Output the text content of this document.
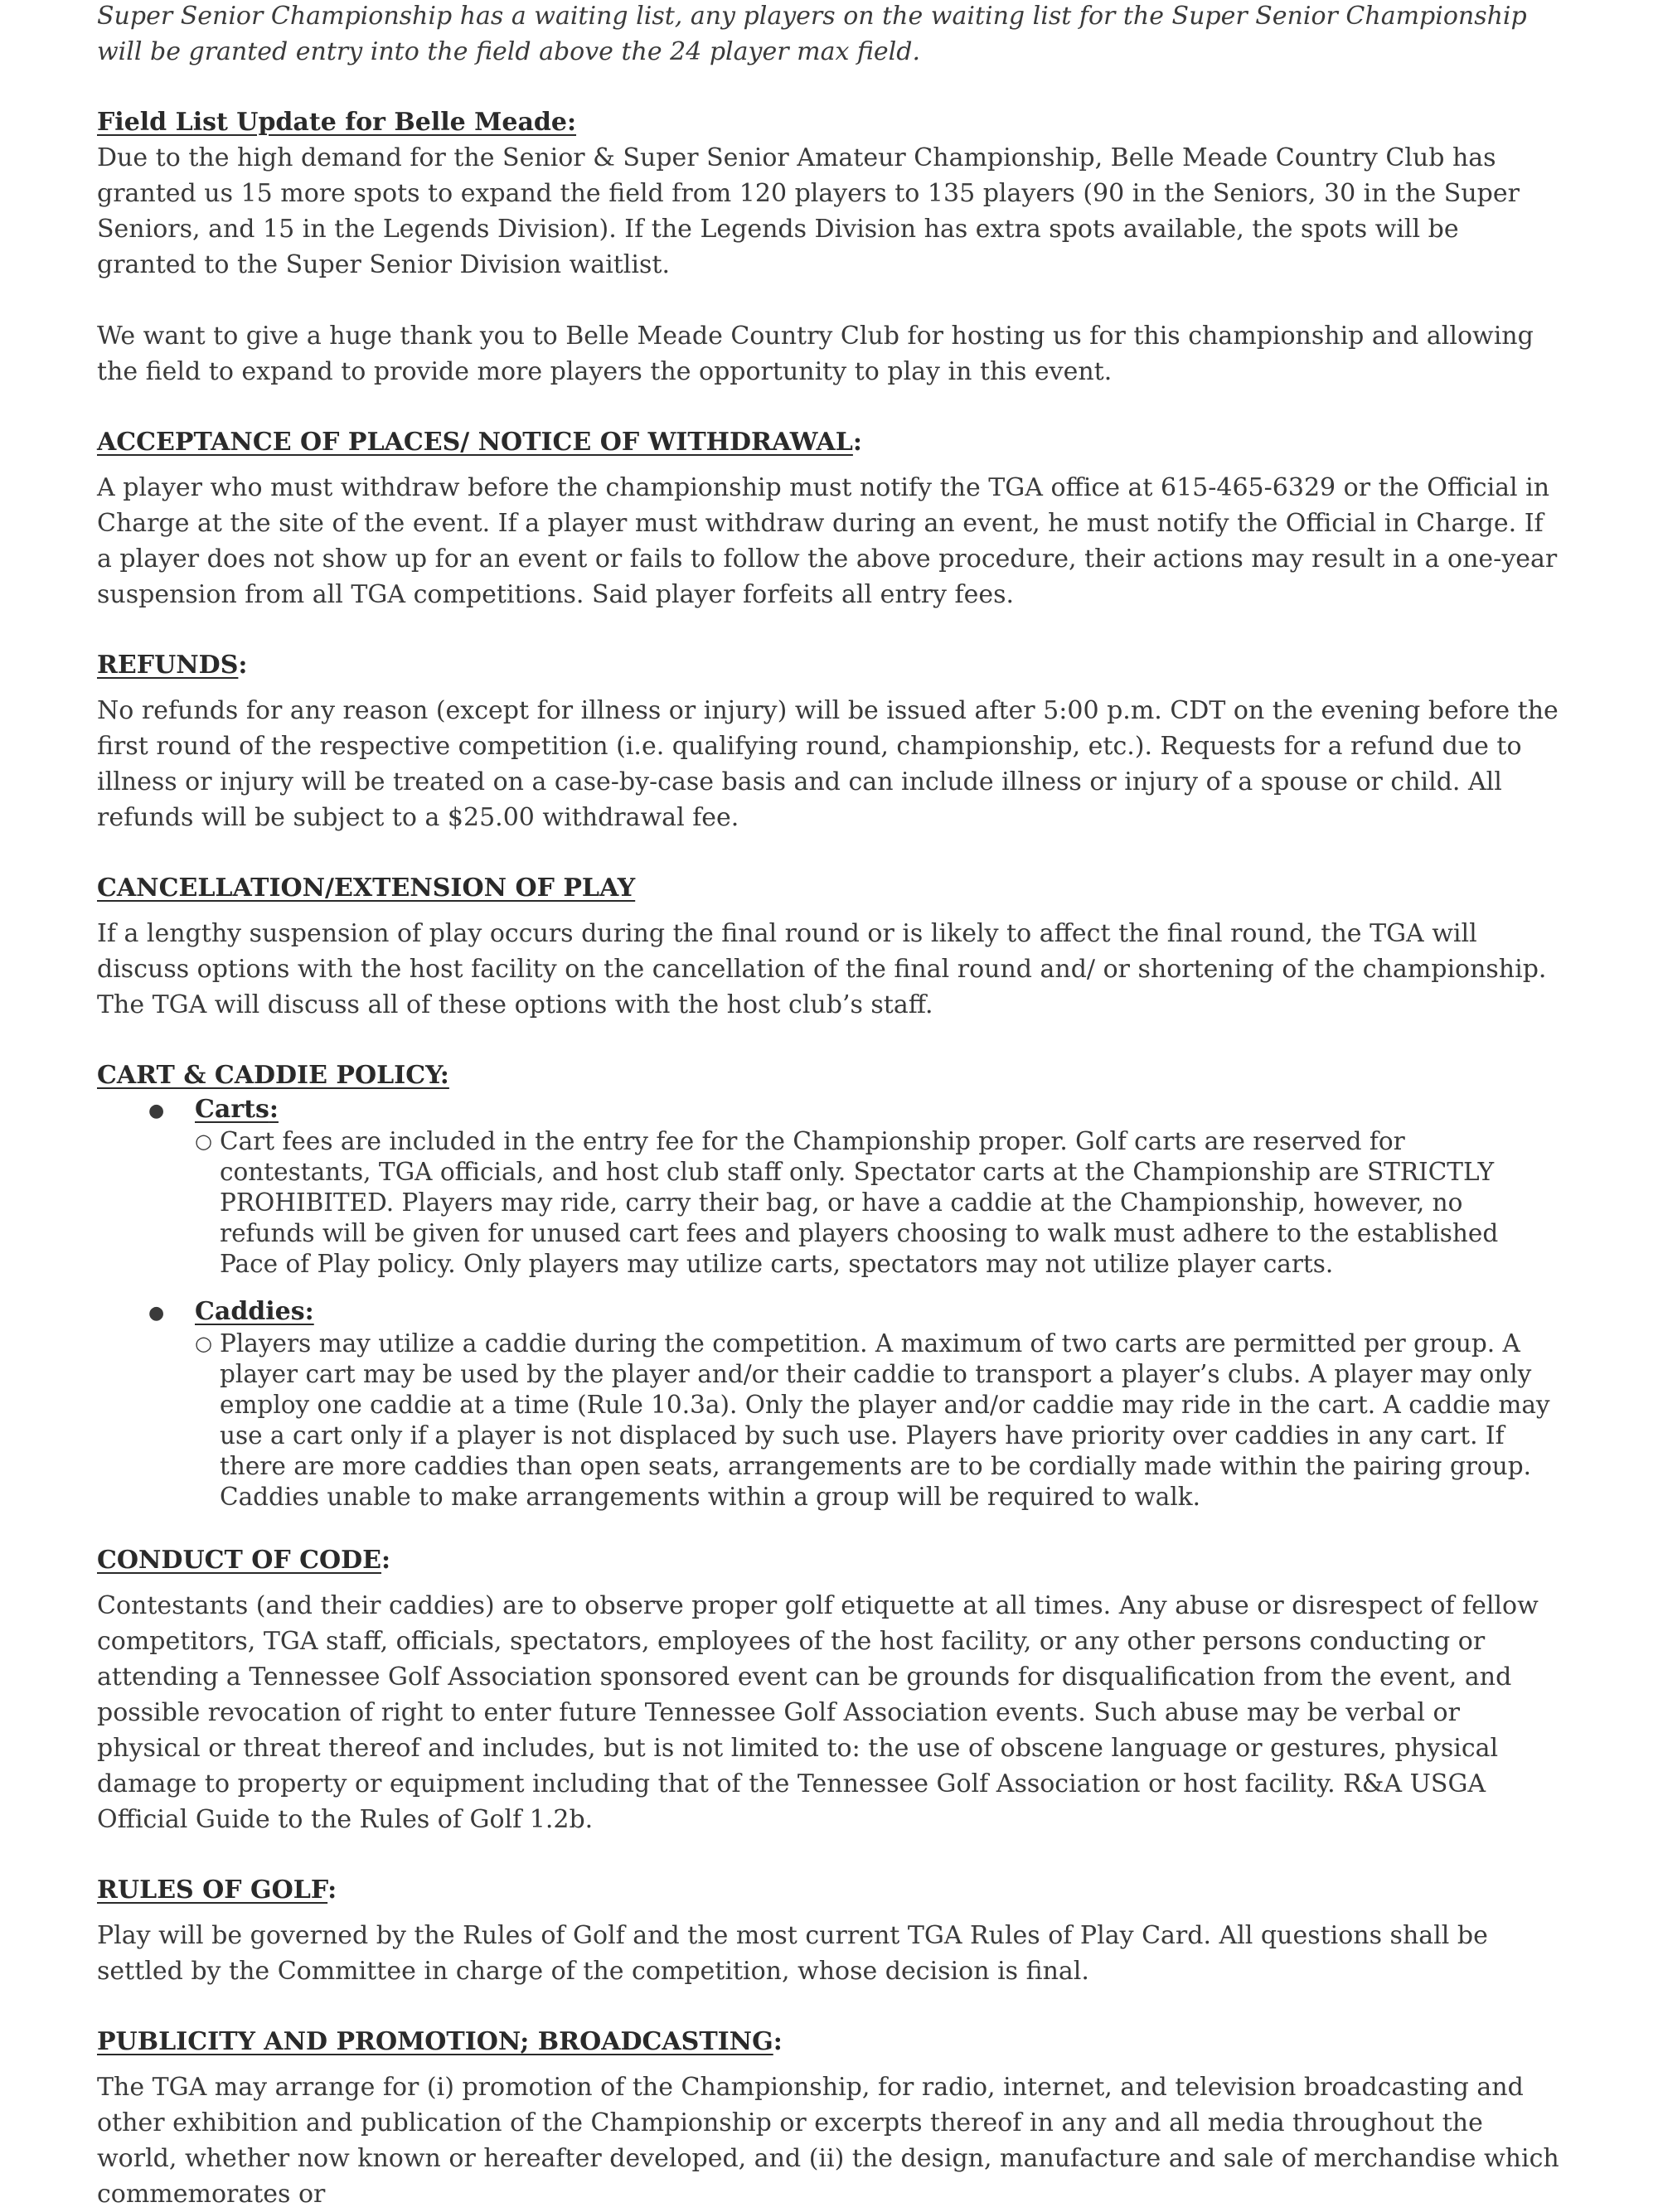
Super Senior Championship has a waiting list, any players on the waiting list for the Super Senior Championship will be granted entry into the field above the 24 player max field.

Field List Update for Belle Meade:

Due to the high demand for the Senior & Super Senior Amateur Championship, Belle Meade Country Club has granted us 15 more spots to expand the field from 120 players to 135 players (90 in the Seniors, 30 in the Super Seniors, and 15 in the Legends Division). If the Legends Division has extra spots available, the spots will be granted to the Super Senior Division waitlist.

We want to give a huge thank you to Belle Meade Country Club for hosting us for this championship and allowing the field to expand to provide more players the opportunity to play in this event.

ACCEPTANCE OF PLACES/ NOTICE OF WITHDRAWAL:

A player who must withdraw before the championship must notify the TGA office at 615-465-6329 or the Official in Charge at the site of the event. If a player must withdraw during an event, he must notify the Official in Charge. If a player does not show up for an event or fails to follow the above procedure, their actions may result in a one-year suspension from all TGA competitions. Said player forfeits all entry fees.

REFUNDS:

No refunds for any reason (except for illness or injury) will be issued after 5:00 p.m. CDT on the evening before the first round of the respective competition (i.e. qualifying round, championship, etc.). Requests for a refund due to illness or injury will be treated on a case-by-case basis and can include illness or injury of a spouse or child. All refunds will be subject to a $25.00 withdrawal fee.

CANCELLATION/EXTENSION OF PLAY

If a lengthy suspension of play occurs during the final round or is likely to affect the final round, the TGA will discuss options with the host facility on the cancellation of the final round and/ or shortening of the championship. The TGA will discuss all of these options with the host club’s staff.

CART & CADDIE POLICY:

● Carts:
○ Cart fees are included in the entry fee for the Championship proper. Golf carts are reserved for contestants, TGA officials, and host club staff only. Spectator carts at the Championship are STRICTLY PROHIBITED. Players may ride, carry their bag, or have a caddie at the Championship, however, no refunds will be given for unused cart fees and players choosing to walk must adhere to the established Pace of Play policy. Only players may utilize carts, spectators may not utilize player carts.
● Caddies:
○ Players may utilize a caddie during the competition. A maximum of two carts are permitted per group. A player cart may be used by the player and/or their caddie to transport a player’s clubs. A player may only employ one caddie at a time (Rule 10.3a). Only the player and/or caddie may ride in the cart. A caddie may use a cart only if a player is not displaced by such use. Players have priority over caddies in any cart. If there are more caddies than open seats, arrangements are to be cordially made within the pairing group. Caddies unable to make arrangements within a group will be required to walk.

CONDUCT OF CODE:

Contestants (and their caddies) are to observe proper golf etiquette at all times. Any abuse or disrespect of fellow competitors, TGA staff, officials, spectators, employees of the host facility, or any other persons conducting or attending a Tennessee Golf Association sponsored event can be grounds for disqualification from the event, and possible revocation of right to enter future Tennessee Golf Association events. Such abuse may be verbal or physical or threat thereof and includes, but is not limited to: the use of obscene language or gestures, physical damage to property or equipment including that of the Tennessee Golf Association or host facility. R&A USGA Official Guide to the Rules of Golf 1.2b.

RULES OF GOLF:

Play will be governed by the Rules of Golf and the most current TGA Rules of Play Card. All questions shall be settled by the Committee in charge of the competition, whose decision is final.

PUBLICITY AND PROMOTION; BROADCASTING:

The TGA may arrange for (i) promotion of the Championship, for radio, internet, and television broadcasting and other exhibition and publication of the Championship or excerpts thereof in any and all media throughout the world, whether now known or hereafter developed, and (ii) the design, manufacture and sale of merchandise which commemorates or
